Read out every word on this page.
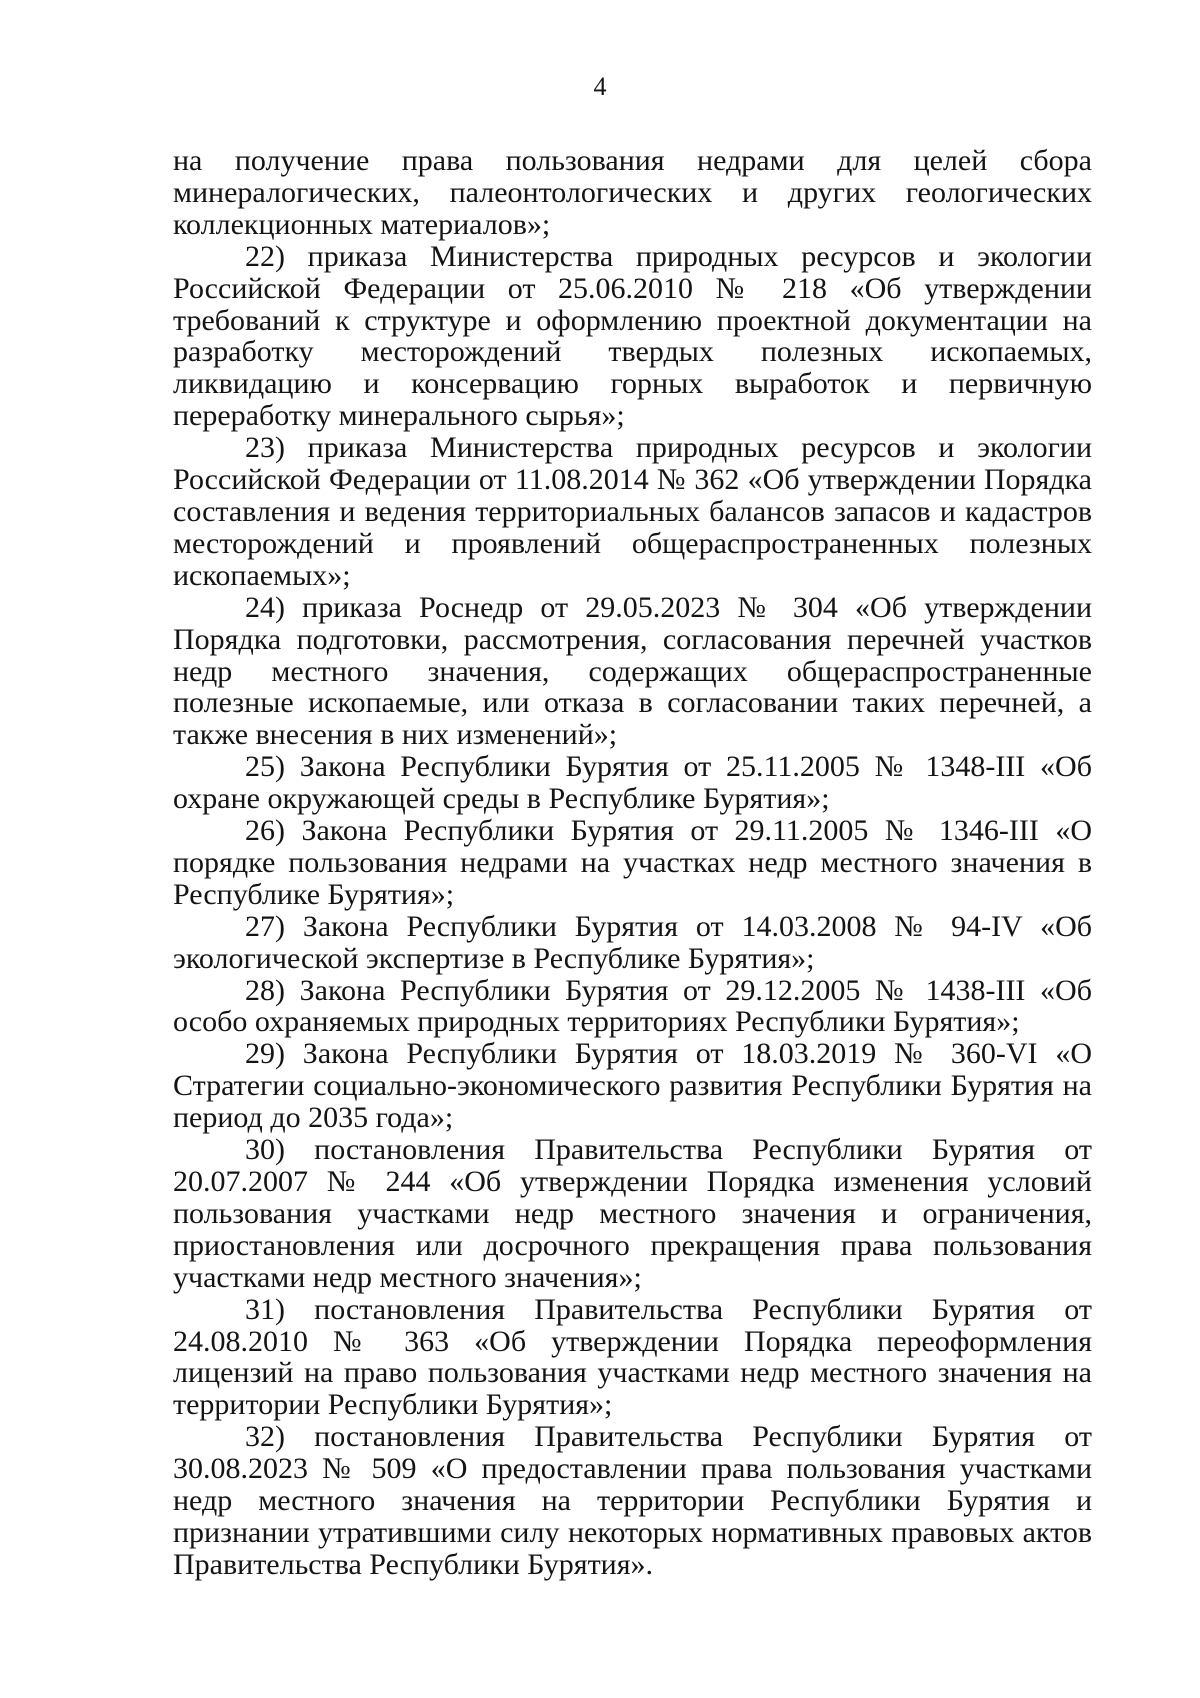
4

на получение права пользования недрами для целей сбора минералогических, палеонтологических и других геологических коллекционных материалов»;

22) приказа Министерства природных ресурсов и экологии Российской Федерации от 25.06.2010 № 218 «Об утверждении требований к структуре и оформлению проектной документации на разработку месторождений твердых полезных ископаемых, ликвидацию и консервацию горных выработок и первичную переработку минерального сырья»;

23) приказа Министерства природных ресурсов и экологии Российской Федерации от 11.08.2014 № 362 «Об утверждении Порядка составления и ведения территориальных балансов запасов и кадастров месторождений и проявлений общераспространенных полезных ископаемых»;

24) приказа Роснедр от 29.05.2023 № 304 «Об утверждении Порядка подготовки, рассмотрения, согласования перечней участков недр местного значения, содержащих общераспространенные полезные ископаемые, или отказа в согласовании таких перечней, а также внесения в них изменений»;

25) Закона Республики Бурятия от 25.11.2005 № 1348-III «Об охране окружающей среды в Республике Бурятия»;

26) Закона Республики Бурятия от 29.11.2005 № 1346-III «О порядке пользования недрами на участках недр местного значения в Республике Бурятия»;

27) Закона Республики Бурятия от 14.03.2008 № 94-IV «Об экологической экспертизе в Республике Бурятия»;

28) Закона Республики Бурятия от 29.12.2005 № 1438-III «Об особо охраняемых природных территориях Республики Бурятия»;

29) Закона Республики Бурятия от 18.03.2019 № 360-VI «О Стратегии социально-экономического развития Республики Бурятия на период до 2035 года»;

30) постановления Правительства Республики Бурятия от 20.07.2007 № 244 «Об утверждении Порядка изменения условий пользования участками недр местного значения и ограничения, приостановления или досрочного прекращения права пользования участками недр местного значения»;

31) постановления Правительства Республики Бурятия от 24.08.2010 № 363 «Об утверждении Порядка переоформления лицензий на право пользования участками недр местного значения на территории Республики Бурятия»;

32) постановления Правительства Республики Бурятия от 30.08.2023 № 509 «О предоставлении права пользования участками недр местного значения на территории Республики Бурятия и признании утратившими силу некоторых нормативных правовых актов Правительства Республики Бурятия».
